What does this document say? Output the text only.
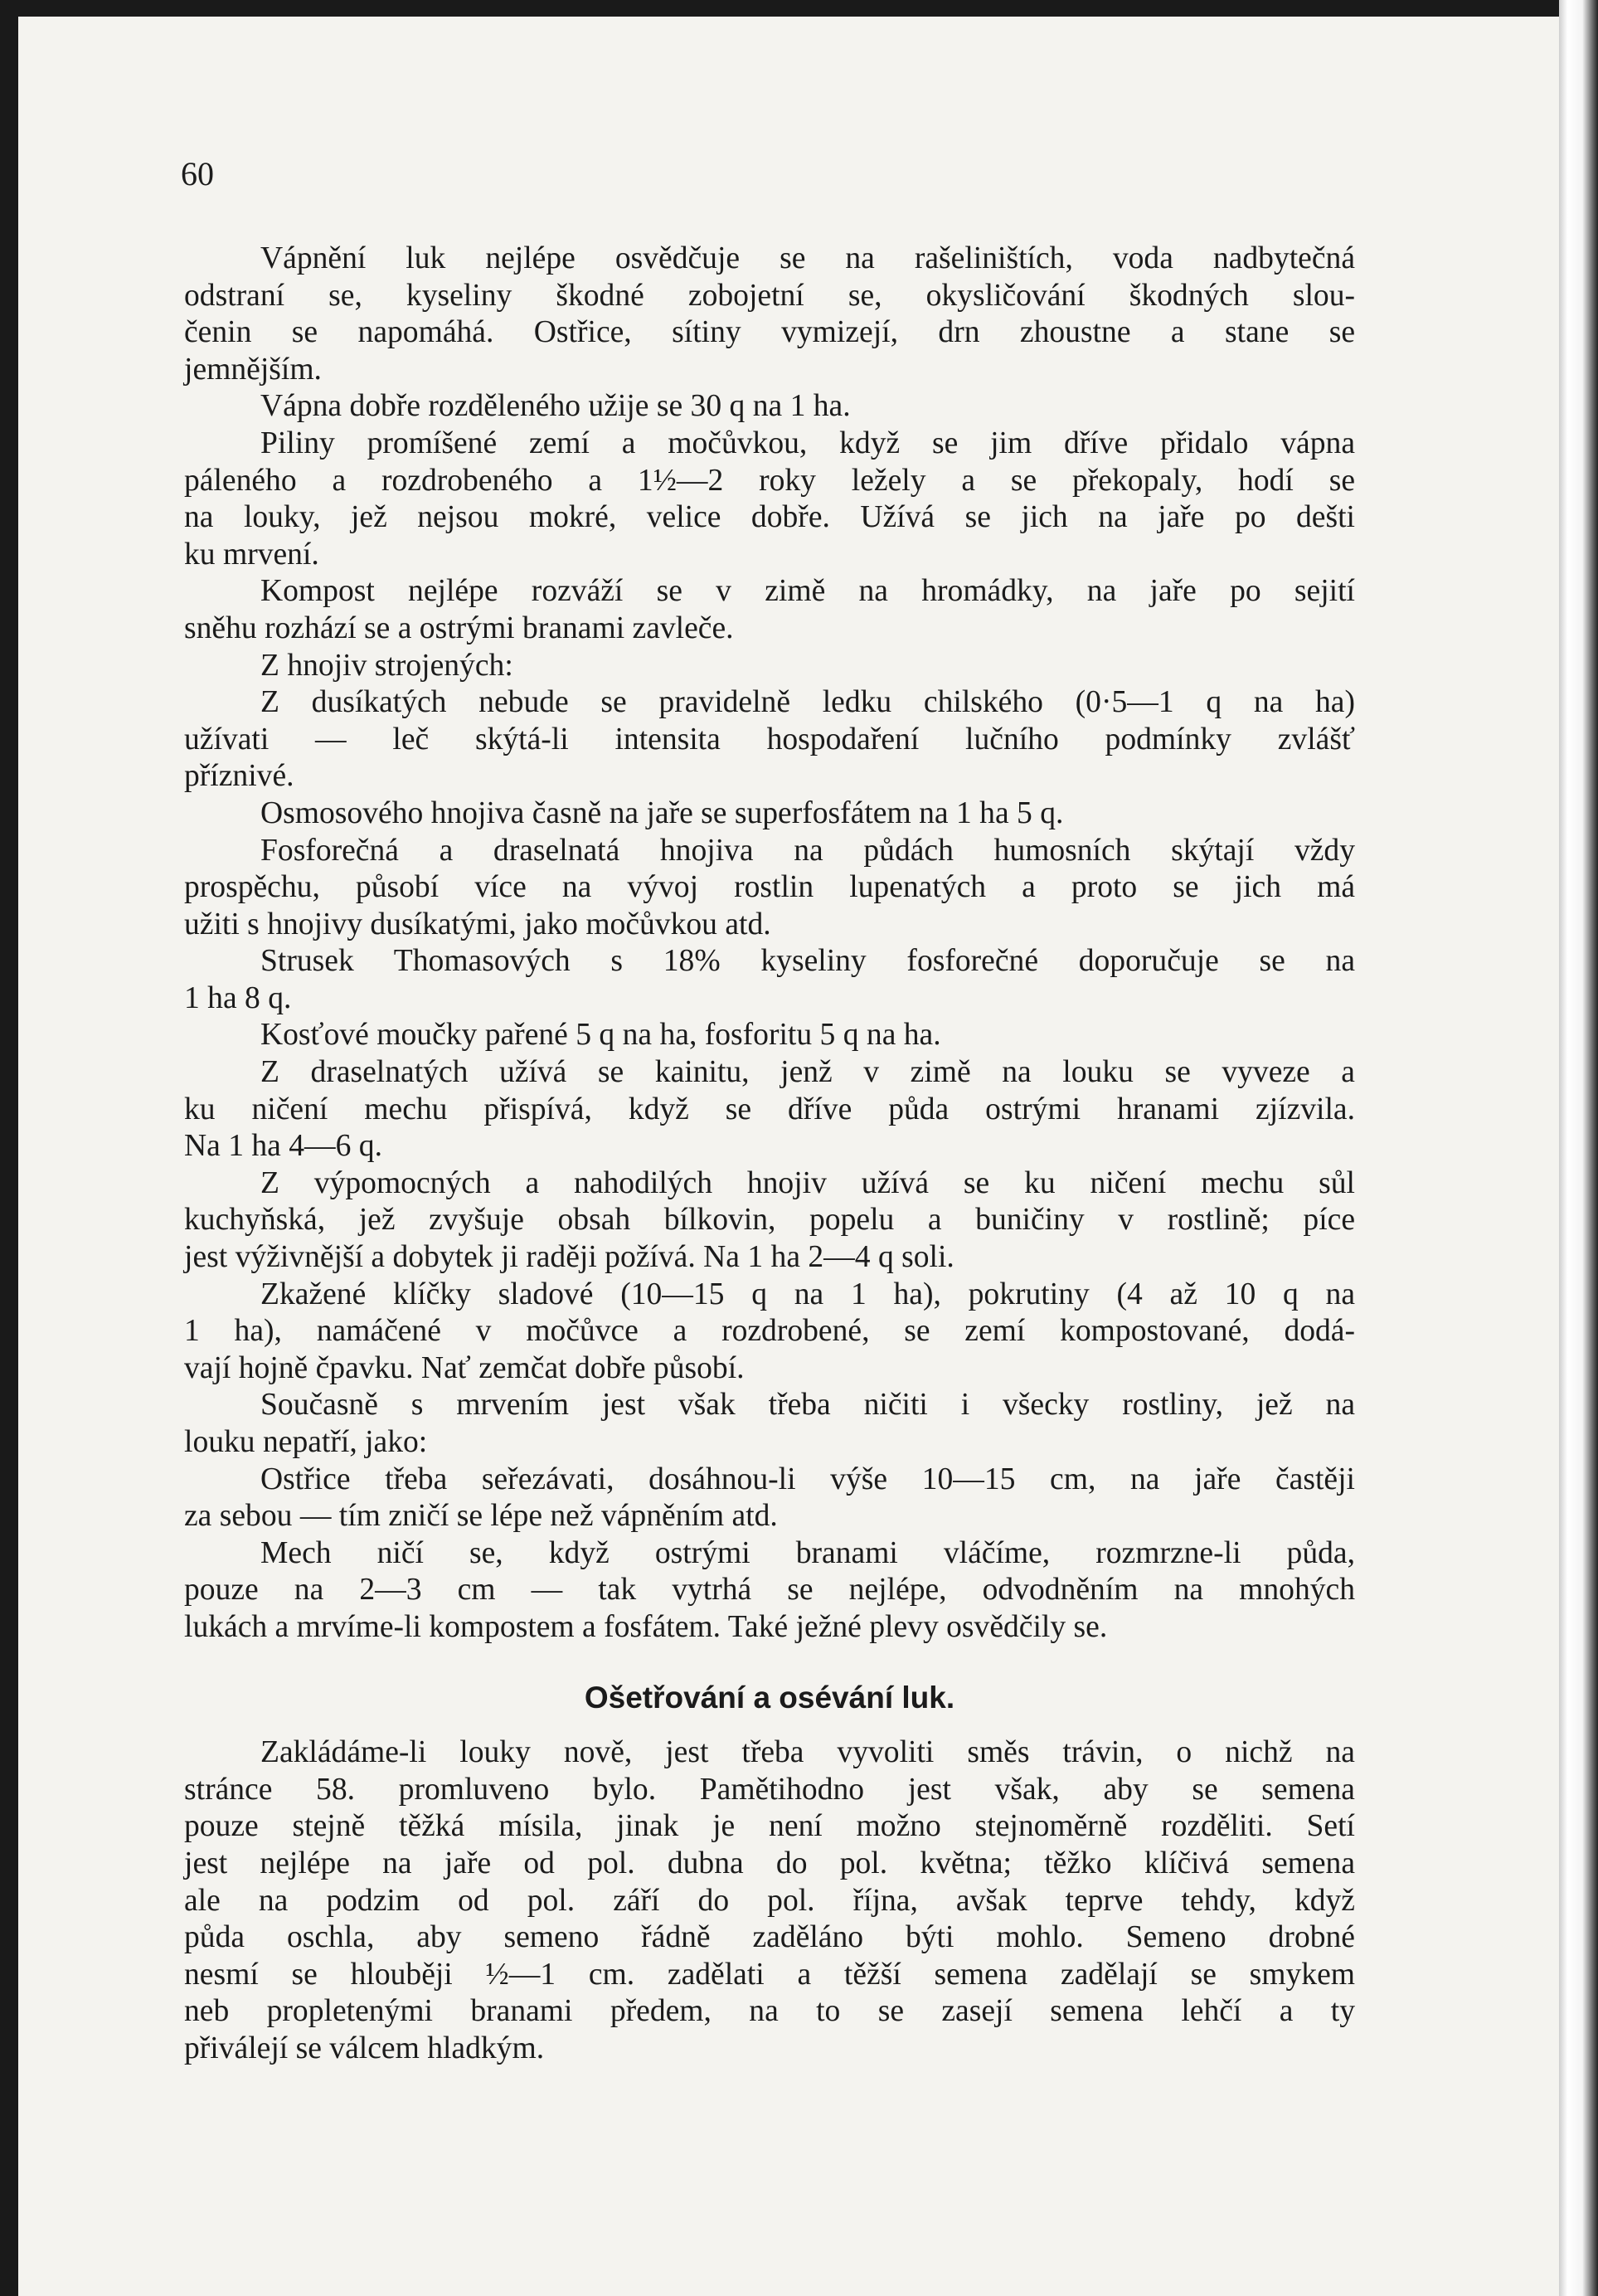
60
Vápnění luk nejlépe osvědčuje se na rašeliništích, voda nadbytečná
odstraní se, kyseliny škodné zobojetní se, okysličování škodných slou-
čenin se napomáhá. Ostřice, sítiny vymizejí, drn zhoustne a stane se
jemnějším.
Vápna dobře rozděleného užije se 30 q na 1 ha.
Piliny promíšené zemí a močůvkou, když se jim dříve přidalo vápna
páleného a rozdrobeného a 1½—2 roky ležely a se překopaly, hodí se
na louky, jež nejsou mokré, velice dobře. Užívá se jich na jaře po dešti
ku mrvení.
Kompost nejlépe rozváží se v zimě na hromádky, na jaře po sejití
sněhu rozhází se a ostrými branami zavleče.
Z hnojiv strojených:
Z dusíkatých nebude se pravidelně ledku chilského (0·5—1 q na ha)
užívati — leč skýtá-li intensita hospodaření lučního podmínky zvlášť
příznivé.
Osmosového hnojiva časně na jaře se superfosfátem na 1 ha 5 q.
Fosforečná a draselnatá hnojiva na půdách humosních skýtají vždy
prospěchu, působí více na vývoj rostlin lupenatých a proto se jich má
užiti s hnojivy dusíkatými, jako močůvkou atd.
Strusek Thomasových s 18% kyseliny fosforečné doporučuje se na
1 ha 8 q.
Kosťové moučky pařené 5 q na ha, fosforitu 5 q na ha.
Z draselnatých užívá se kainitu, jenž v zimě na louku se vyveze a
ku ničení mechu přispívá, když se dříve půda ostrými hranami zjízvila.
Na 1 ha 4—6 q.
Z výpomocných a nahodilých hnojiv užívá se ku ničení mechu sůl
kuchyňská, jež zvyšuje obsah bílkovin, popelu a buničiny v rostlině; píce
jest výživnější a dobytek ji raději požívá. Na 1 ha 2—4 q soli.
Zkažené klíčky sladové (10—15 q na 1 ha), pokrutiny (4 až 10 q na
1 ha), namáčené v močůvce a rozdrobené, se zemí kompostované, dodá-
vají hojně čpavku. Nať zemčat dobře působí.
Současně s mrvením jest však třeba ničiti i všecky rostliny, jež na
louku nepatří, jako:
Ostřice třeba seřezávati, dosáhnou-li výše 10—15 cm, na jaře častěji
za sebou — tím zničí se lépe než vápněním atd.
Mech ničí se, když ostrými branami vláčíme, rozmrzne-li půda,
pouze na 2—3 cm — tak vytrhá se nejlépe, odvodněním na mnohých
lukách a mrvíme-li kompostem a fosfátem. Také ježné plevy osvědčily se.
Ošetřování a osévání luk.
Zakládáme-li louky nově, jest třeba vyvoliti směs trávin, o nichž na
stránce 58. promluveno bylo. Pamětihodno jest však, aby se semena
pouze stejně těžká mísila, jinak je není možno stejnoměrně rozděliti. Setí
jest nejlépe na jaře od pol. dubna do pol. května; těžko klíčivá semena
ale na podzim od pol. září do pol. října, avšak teprve tehdy, když
půda oschla, aby semeno řádně zaděláno býti mohlo. Semeno drobné
nesmí se hlouběji ½—1 cm. zadělati a těžší semena zadělají se smykem
neb propletenými branami předem, na to se zasejí semena lehčí a ty
přiválejí se válcem hladkým.
